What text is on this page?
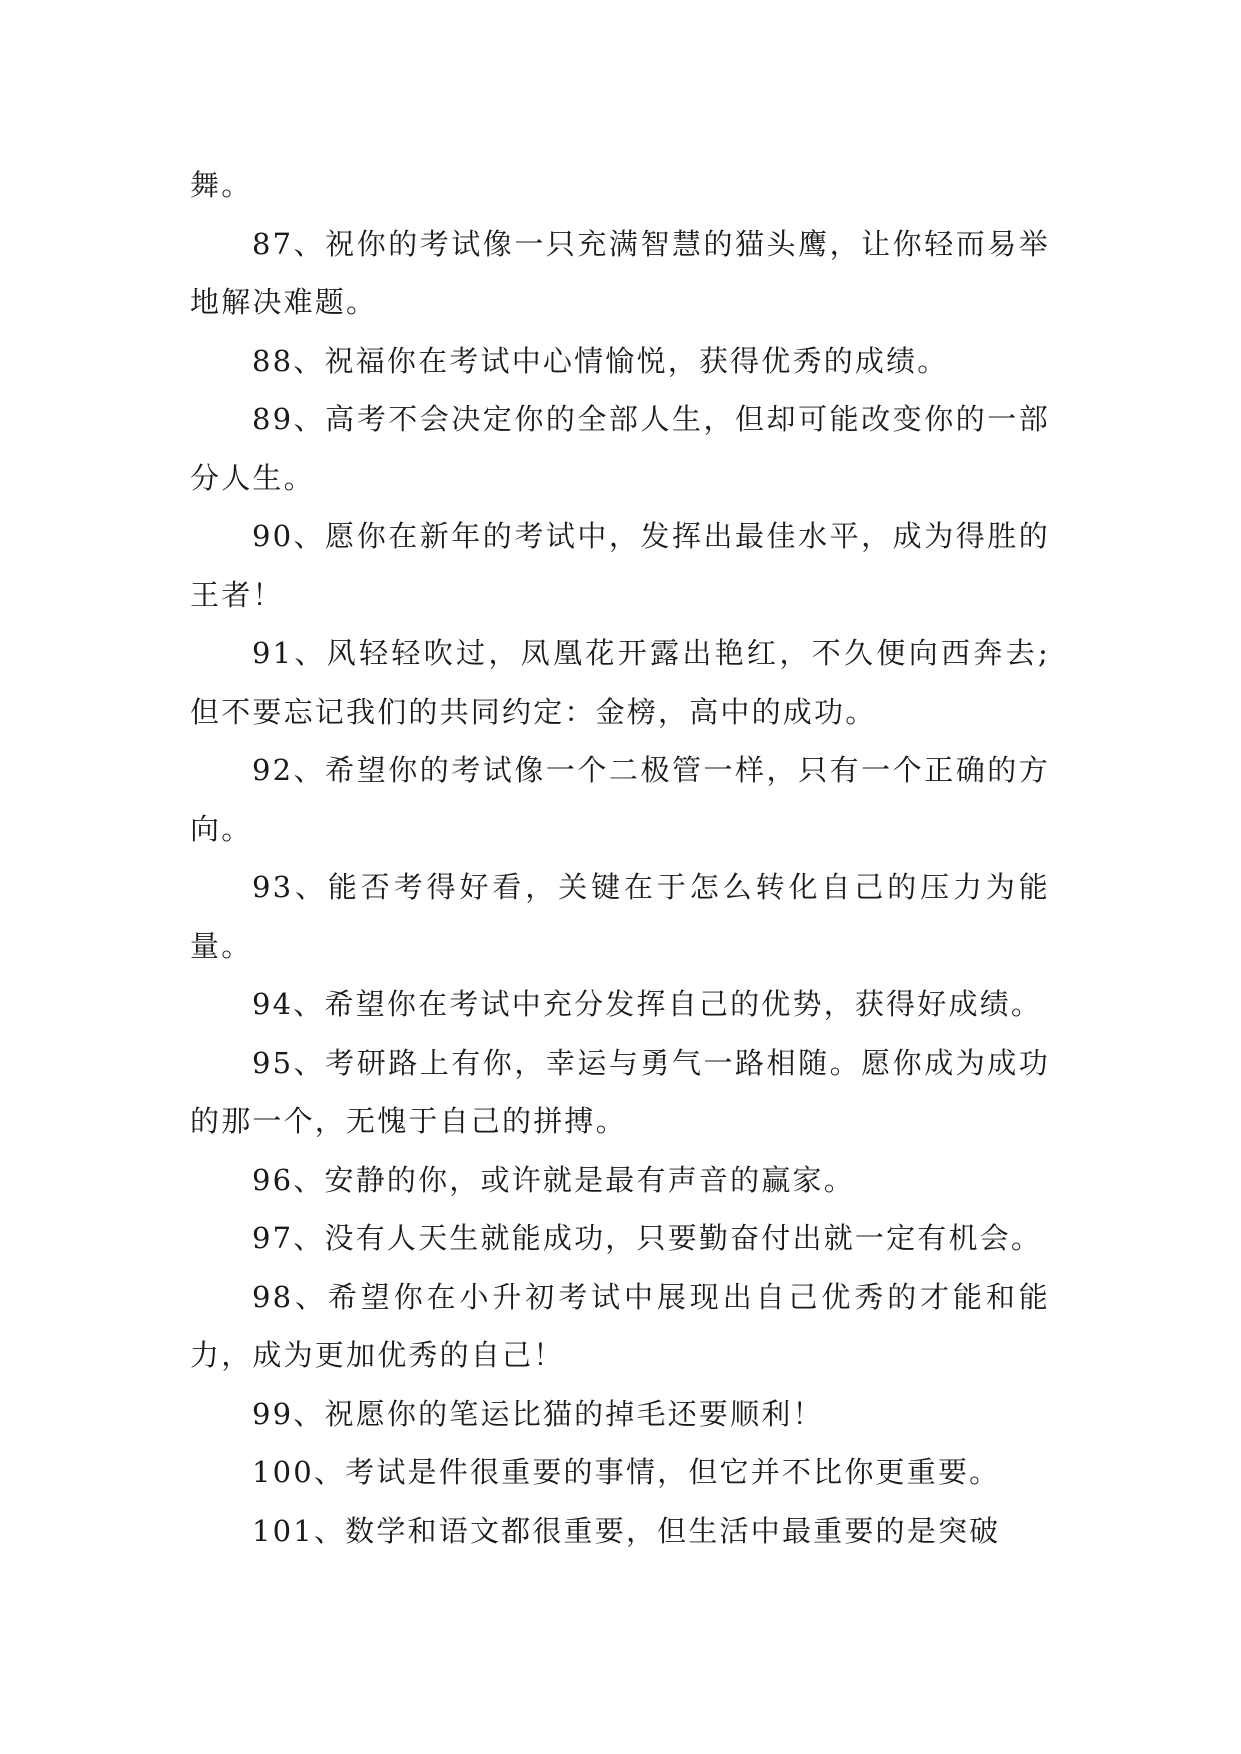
舞。

87、祝你的考试像一只充满智慧的猫头鹰，让你轻而易举地解决难题。

88、祝福你在考试中心情愉悦，获得优秀的成绩。

89、高考不会决定你的全部人生，但却可能改变你的一部分人生。

90、愿你在新年的考试中，发挥出最佳水平，成为得胜的王者！

91、风轻轻吹过，凤凰花开露出艳红，不久便向西奔去;但不要忘记我们的共同约定：金榜，高中的成功。

92、希望你的考试像一个二极管一样，只有一个正确的方向。

93、能否考得好看，关键在于怎么转化自己的压力为能量。

94、希望你在考试中充分发挥自己的优势，获得好成绩。

95、考研路上有你，幸运与勇气一路相随。愿你成为成功的那一个，无愧于自己的拼搏。

96、安静的你，或许就是最有声音的赢家。

97、没有人天生就能成功，只要勤奋付出就一定有机会。

98、希望你在小升初考试中展现出自己优秀的才能和能力，成为更加优秀的自己！

99、祝愿你的笔运比猫的掉毛还要顺利！

100、考试是件很重要的事情，但它并不比你更重要。

101、数学和语文都很重要，但生活中最重要的是突破
